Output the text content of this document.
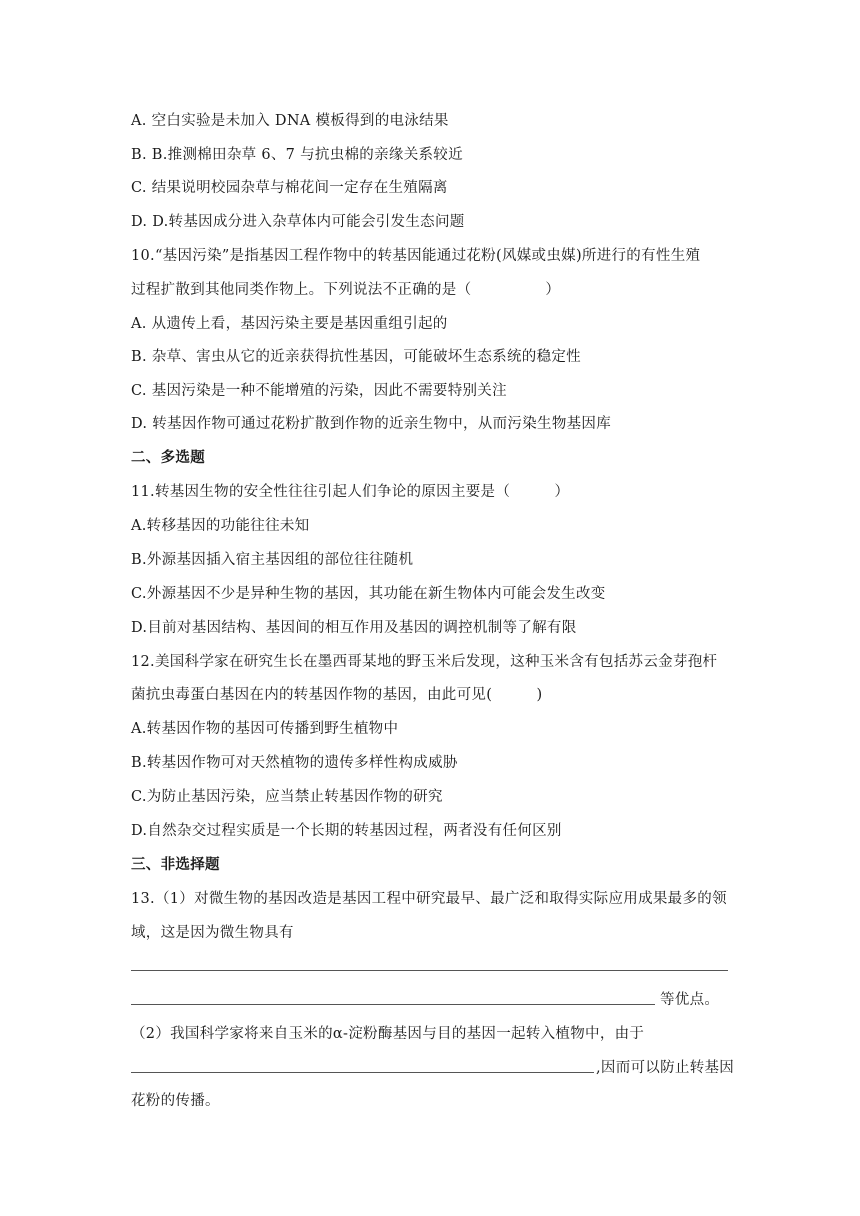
A. 空白实验是未加入 DNA 模板得到的电泳结果
B. B.推测棉田杂草 6、7 与抗虫棉的亲缘关系较近
C. 结果说明校园杂草与棉花间一定存在生殖隔离
D. D.转基因成分进入杂草体内可能会引发生态问题
10.“基因污染”是指基因工程作物中的转基因能通过花粉(风媒或虫媒)所进行的有性生殖
过程扩散到其他同类作物上。下列说法不正确的是（　　　　　）
A. 从遗传上看，基因污染主要是基因重组引起的
B. 杂草、害虫从它的近亲获得抗性基因，可能破坏生态系统的稳定性
C. 基因污染是一种不能增殖的污染，因此不需要特别关注
D. 转基因作物可通过花粉扩散到作物的近亲生物中，从而污染生物基因库
二、多选题
11.转基因生物的安全性往往引起人们争论的原因主要是（　　　）
A.转移基因的功能往往未知
B.外源基因插入宿主基因组的部位往往随机
C.外源基因不少是异种生物的基因，其功能在新生物体内可能会发生改变
D.目前对基因结构、基因间的相互作用及基因的调控机制等了解有限
12.美国科学家在研究生长在墨西哥某地的野玉米后发现，这种玉米含有包括苏云金芽孢杆
菌抗虫毒蛋白基因在内的转基因作物的基因，由此可见(　　　)
A.转基因作物的基因可传播到野生植物中
B.转基因作物可对天然植物的遗传多样性构成威胁
C.为防止基因污染，应当禁止转基因作物的研究
D.自然杂交过程实质是一个长期的转基因过程，两者没有任何区别
三、非选择题
13.（1）对微生物的基因改造是基因工程中研究最早、最广泛和取得实际应用成果最多的领
域，这是因为微生物具有
等优点。
（2）我国科学家将来自玉米的α-淀粉酶基因与目的基因一起转入植物中，由于
,因而可以防止转基因
花粉的传播。
